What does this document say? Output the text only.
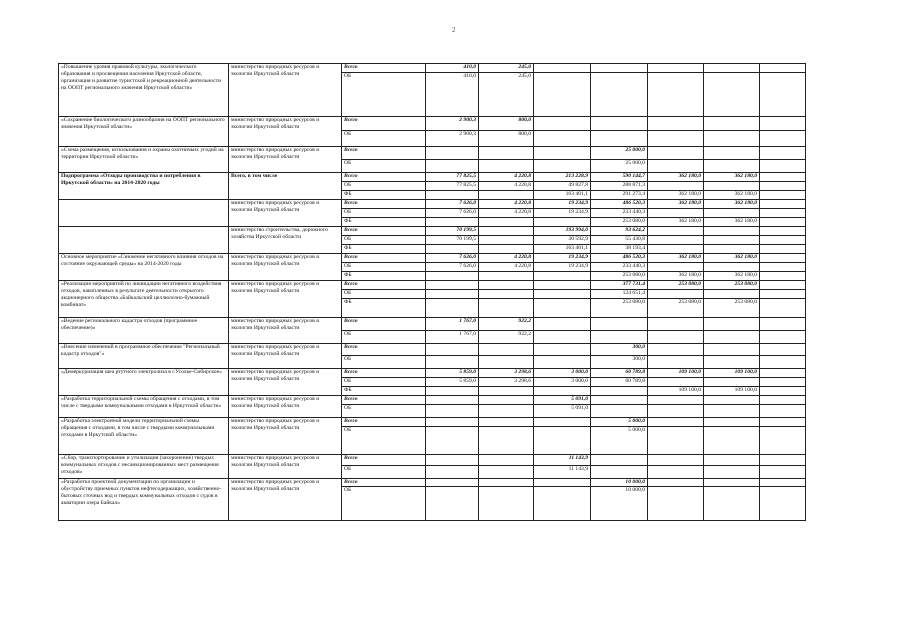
2
«Повышение уровня правовой культуры, экологического образования и просвещения населения Иркутской области, организация и развитие туристской и рекреационной деятельности на ООПТ регионального значения Иркутской области»	министерство природных ресурсов и экологии Иркутской области	Всего	410,0	245,0					
		ОБ	410,0	245,0					
«Сохранение биологического разнообразия на ООПТ регионального значения Иркутской области»	министерство природных ресурсов и экологии Иркутской области	Всего	2 900,3	800,0					
		ОБ	2 900,3	800,0					
«Схема размещения, использования и охраны охотничьих угодий на территории Иркутской области»	министерство природных ресурсов и экологии Иркутской области	Всего				25 000,0			
		ОБ				25 000,0			
Подпрограмма «Отходы производства и потребления в Иркутской области» на 2014-2020 годы	Всего, в том числе	Всего	77 825,5	4 220,8	213 228,9	590 144,7	362 180,0	362 180,0	
		ОБ	77 825,5	4 220,8	49 827,8	288 871,3			
		ФБ			163 401,1	291 273,4	362 180,0	362 180,0	
	министерство природных ресурсов и экологии Иркутской области	Всего	7 626,0	4 220,8	19 234,9	486 520,3	362 180,0	362 180,0	
		ОБ	7 626,0	4 220,8	19 234,9	233 440,3			
		ФБ				253 080,0	362 180,0	362 180,0	
	министерство строительства, дорожного хозяйства Иркутской области	Всего	70 199,5		193 994,0	93 624,2			
		ОБ	70 199,5		30 592,9	55 430,8			
		ФБ			163 401,1	38 193,4			
Основное мероприятие «Снижение негативного влияния отходов на состояние окружающей среды» на 2014-2020 годы	министерство природных ресурсов и экологии Иркутской области	Всего	7 626,0	4 220,8	19 234,9	486 520,3	362 180,0	362 180,0	
		ОБ	7 626,0	4 220,8	19 234,9	233 440,3			
		ФБ				253 080,0	362 180,0	362 180,0	
«Реализация мероприятий по ликвидации негативного воздействия отходов, накопленных в результате деятельности открытого акционерного общества «Байкальский целлюлозно-бумажный комбинат»	министерство природных ресурсов и экологии Иркутской области	Всего				377 731,4	253 080,0	253 080,0	
		ОБ				124 651,4			
		ФБ				253 080,0	253 080,0	253 080,0	
«Ведение регионального кадастра отходов (программное обеспечение)»	министерство природных ресурсов и экологии Иркутской области	Всего	1 767,0	922,2					
		ОБ	1 767,0	922,2					
«Внесение изменений в программное обеспечение "Региональный кадастр отходов"»	министерство природных ресурсов и экологии Иркутской области	Всего				300,0			
		ОБ				300,0			
«Демеркуризация шеа ртутного электролиза в г.Усолье-Сибирское»	министерство природных ресурсов и экологии Иркутской области	Всего	5 859,0	3 298,6	3 000,0	60 789,8	109 100,0	109 100,0	
		ОБ	5 859,0	3 298,6	3 000,0	60 789,8			
		ФБ					109 100,0	109 100,0	
«Разработка территориальной схемы обращения с отходами, в том числе с твердыми коммунальными отходами в Иркутской области»	министерство природных ресурсов и экологии Иркутской области	Всего			5 091,0				
		ОБ			5 091,0				
«Разработка электронной модели территориальной схемы обращения с отходами, в том числе с твердыми коммунальными отходами в Иркутской области»	министерство природных ресурсов и экологии Иркутской области	Всего				5 000,0			
		ОБ				5 000,0			
«Сбор, транспортирование и утилизация (захоронение) твердых коммунальных отходов с несанкционированных мест размещения отходов»	министерство природных ресурсов и экологии Иркутской области	Всего			11 143,9				
		ОБ			11 143,9				
«Разработка проектной документации по организации и обустройству приемных пунктов нефтесодержащих, хозяйственно-бытовых сточных вод и твердых коммунальных отходов с судов в акватории озера Байкал»	министерство природных ресурсов и экологии Иркутской области	Всего				10 000,0			
		ОБ				10 000,0			
